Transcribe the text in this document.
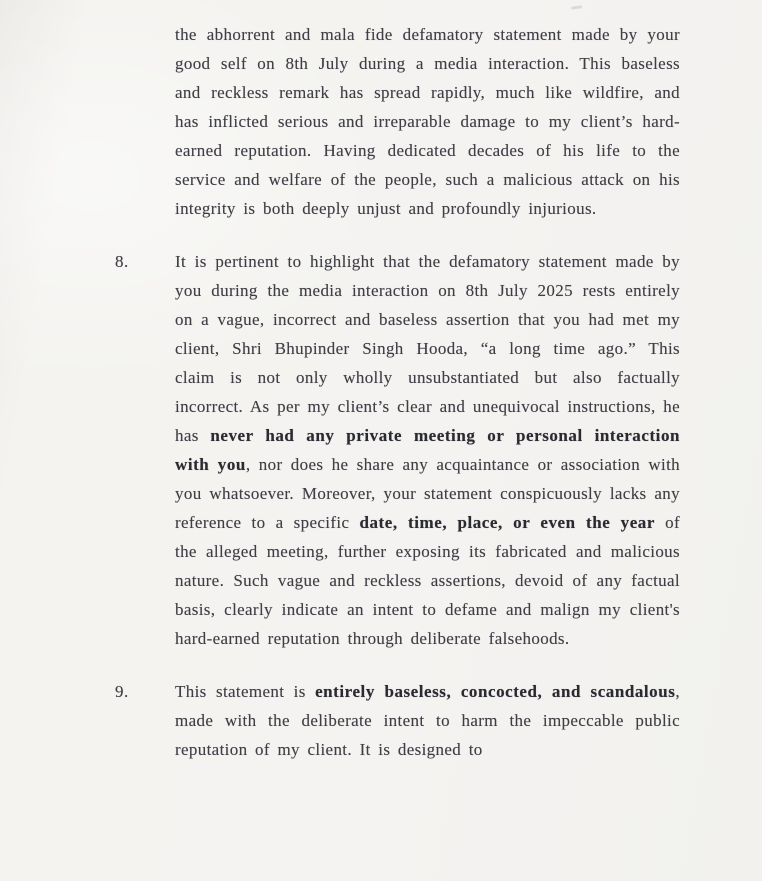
the abhorrent and mala fide defamatory statement made by your good self on 8th July during a media interaction. This baseless and reckless remark has spread rapidly, much like wildfire, and has inflicted serious and irreparable damage to my client’s hard-earned reputation. Having dedicated decades of his life to the service and welfare of the people, such a malicious attack on his integrity is both deeply unjust and profoundly injurious.
8.	It is pertinent to highlight that the defamatory statement made by you during the media interaction on 8th July 2025 rests entirely on a vague, incorrect and baseless assertion that you had met my client, Shri Bhupinder Singh Hooda, “a long time ago.” This claim is not only wholly unsubstantiated but also factually incorrect. As per my client’s clear and unequivocal instructions, he has never had any private meeting or personal interaction with you, nor does he share any acquaintance or association with you whatsoever. Moreover, your statement conspicuously lacks any reference to a specific date, time, place, or even the year of the alleged meeting, further exposing its fabricated and malicious nature. Such vague and reckless assertions, devoid of any factual basis, clearly indicate an intent to defame and malign my client's hard-earned reputation through deliberate falsehoods.
9.	This statement is entirely baseless, concocted, and scandalous, made with the deliberate intent to harm the impeccable public reputation of my client. It is designed to
